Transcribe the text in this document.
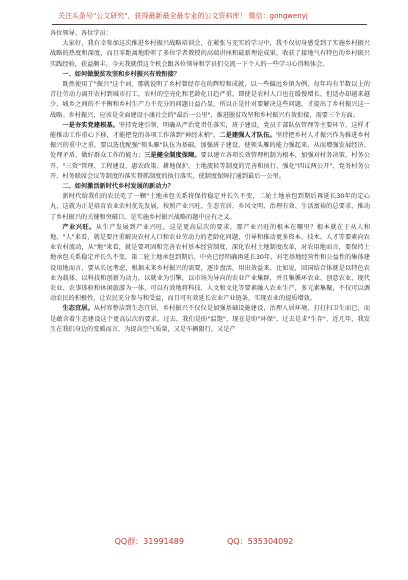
关注头条号"公文研究"，获得最新最全最专业的公文资料库！ 微信：gongwenyj

各位领导、各位学员：

大家好，我有幸参加这次推进乡村振兴战略培训会，在紧张与充实的学习中，我不仅切身感受到了实施乡村振兴战略的热度和深度，而且零距离地聆听了多位学者教授的高端讲座和最新理论成果，收获了接地气有特色的乡村振兴实践经验，获益颇丰。今天我就借这个机会跟各位领导和学员们交流一下个人的一些学习心得和体会。

一、如何做脱贫攻坚和乡村振兴有效衔接？

既然使用了"振兴"这个词，那就说明了乡村曾经存在的辉煌和成就，以一些偏远乡镇为例，每年均有半数以上的青壮劳动力离开农村到城市打工，农村的空壳化和老龄化日趋严重，即使是农村人口也在缓慢增长，但适办却越来越少，城乡之间的不平衡和乡村生产力不充分的问题日益凸显，所以正是针对要解决这些问题，才提出了乡村振兴这一战略。乡村振兴，应该是全面建设小康社会的"最后一公里"，推进脱贫攻坚和乡村振兴有效衔接，需要三个方面。

一是夯实党建根基。坚持党建引领，明确从严治党责任落实，班子建设，党员干部队伍管理等主要环节，这样才能推动工作重心下移，才能把党的各项工作落到"神经末梢"。二是建强人才队伍。坚持把乡村人才振兴作为推进乡村振兴的重中之重，要以选优配强"领头雁"队伍为基础，加强班子建设，使领头雁的能力强起来，从而增强发展经济、处理矛盾、做好群众工作的能力；三是健全制度保障。要以建立各项长效管理机制为根本，加强对村务决策、村务公开、"三资"管理、工程建设、惠农政策、耕地保护、土地流转等制度的完善和执行，强化"四议两公开"、党务村务公开、村务联席会议等制度的落实督抓制度的执行落实，使制度保障打通到最后一公里。

二、如何激活新时代乡村发展的新动力？

新时代给我们的农民吃了一颗"土地承包关系将保持稳定并长久不变，二轮土地承包到期后再延长30年的定心丸，这就为正是培育农业农村优先发展，按照产业兴旺、生态宜居、乡风文明、治理有效、生活富裕的总要求，推动了乡村振兴的关键和突破口。是实施乡村振兴战略的题中应有之义。

产业兴旺。从生产发展到产业兴旺，这是更高层次的要求。那产业兴旺的根本在哪里？根本就在于从人和地。"人"来看，就是要注重解决农村人口和农业劳动力的老龄化问题，引导和推动更多资本、技术、人才等要素向农业农村流动，从"地"来看，就是要巩固和完善农村基本经营制度，深化农村土地制度改革，对农用地而言，要保持土地承包关系稳定并长久不变，第二轮土地承包到期后，中央已经明确再延长30年，对宅基地经营性和公益性的集体建设用地而言，要从长远考虑，根据未来乡村振兴的需要，逐步盘活，用出效益来。比如说，回国结合体就是以特色农业为载体，以科技和创新为动力，以就业为引擎，以市场为导向的农业产业集群，并且集循环农业、创意农业、现代农业、农事体验和休闲旅游为一体，可以有效地将科技、人文和文化等要素融入农业生产，多元素集聚，不仅可以调动农民的积极性，让农民充分参与和受益，而且可有效延长农业产业链条，实现农业的提质增效。

生态宜居。从村容整洁到生态宜居，乡村振兴不仅仅是加强基础设施建设，治理人居环境，打打扫卫生而已，而是蕴含着生态建设这个更高层次的要求。过去，我们是盼"温饱"，现在是盼"环保"，过去是求"生存"，近几年，我发生在我们身边的变暖而言，为提高空气质量，又是车辆限行，又是产

QQ群：31991489	QQ：535304092
